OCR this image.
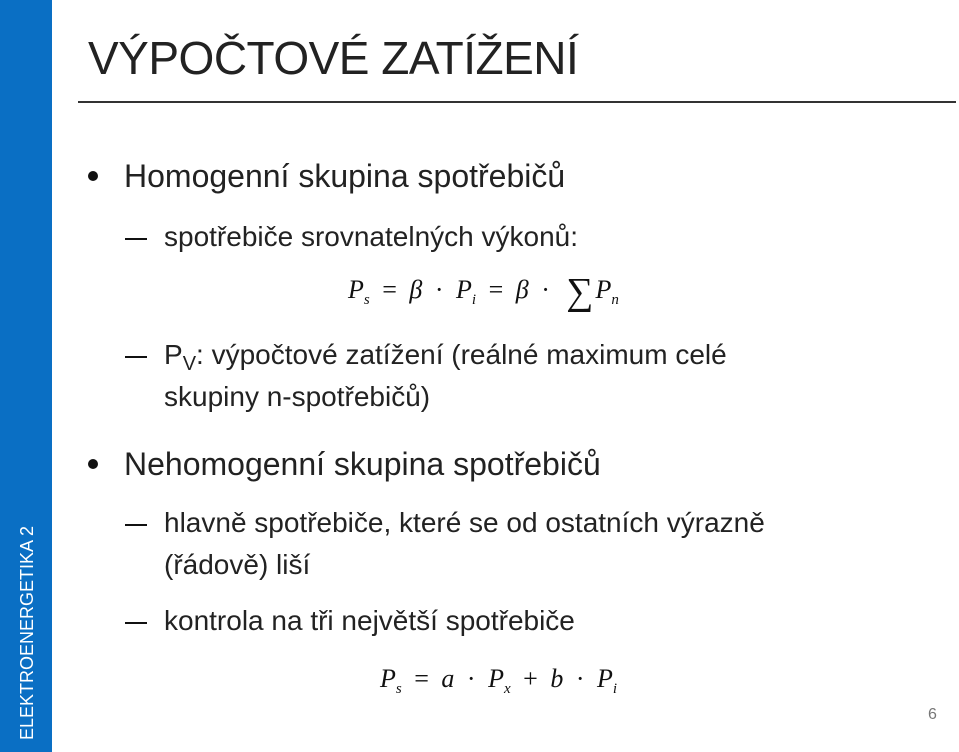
ELEKTROENERGETIKA 2
VÝPOČTOVÉ ZATÍŽENÍ
Homogenní skupina spotřebičů
spotřebiče srovnatelných výkonů:
$P_s = \beta \cdot P_i = \beta \cdot \sum P_n$
$P_V$: výpočtové zatížení (reálné maximum celé
skupiny n-spotřebičů)
Nehomogenní skupina spotřebičů
hlavně spotřebiče, které se od ostatních výrazně
(řádově) liší
kontrola na tři největší spotřebiče
$P_s = a \cdot P_x + b \cdot P_i$
6
